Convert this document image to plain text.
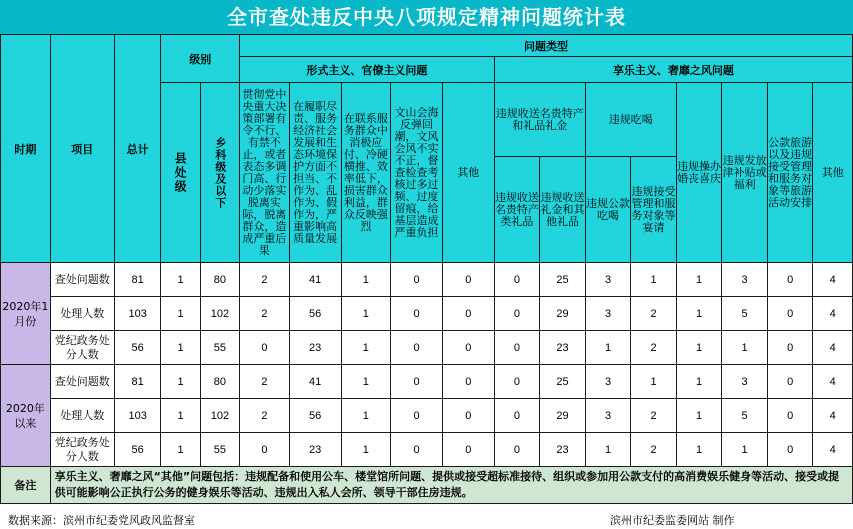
全市查处违反中央八项规定精神问题统计表
时期	项目	总计	级别		问题类型												
					形式主义、官僚主义问题					享乐主义、奢靡之风问题							

			县处级	乡科级及以下	贯彻党中央重大决策部署有令不行、有禁不止，或者表态多调门高、行动少落实脱离实际，脱离群众，造成严重后果	在履职尽责、服务经济社会发展和生态环境保护方面不担当、不作为、乱作为、假作为，严重影响高质量发展	在联系服务群众中消极应付、冷硬横推、效率低下，损害群众利益，群众反映强烈	文山会海反弹回潮，文风会风不实不正，督查检查考核过多过频、过度留痕，给基层造成严重负担	其他	违规收送名贵特产和礼品礼金		违规吃喝		违规操办婚丧喜庆	违规发放津补贴或福利	公款旅游以及违规接受管理和服务对象等旅游活动安排	其他
										违规收送名贵特产类礼品	违规收送礼金和其他礼品	违规公款吃喝	违规接受管理和服务对象等宴请				
2020年1月份	查处问题数	81	1	80	2	41	1	0	0	0	25	3	1	1	3	0	4
	处理人数	103	1	102	2	56	1	0	0	0	29	3	2	1	5	0	4
	党纪政务处分人数	56	1	55	0	23	1	0	0	0	23	1	2	1	1	0	4
2020年以来	查处问题数	81	1	80	2	41	1	0	0	0	25	3	1	1	3	0	4
	处理人数	103	1	102	2	56	1	0	0	0	29	3	2	1	5	0	4
	党纪政务处分人数	56	1	55	0	23	1	0	0	0	23	1	2	1	1	0	4
备注	享乐主义、奢靡之风“其他”问题包括：违规配备和使用公车、楼堂馆所问题、提供或接受超标准接待、组织或参加用公款支付的高消费娱乐健身等活动、接受或提供可能影响公正执行公务的健身娱乐等活动、违规出入私人会所、领导干部住房违规。																
数据来源：滨州市纪委党风政风监督室	滨州市纪委监委网站 制作
